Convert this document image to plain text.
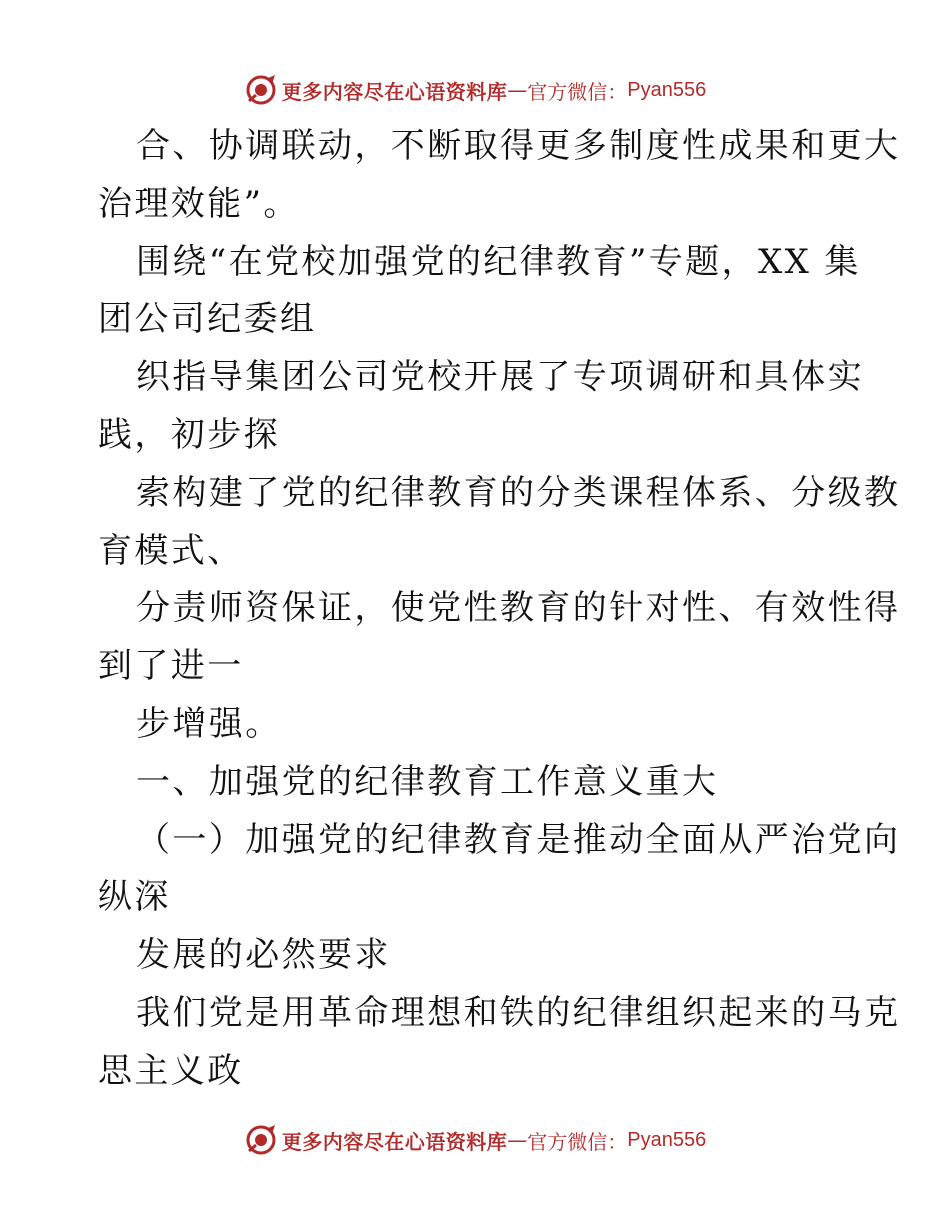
更多内容尽在心语资料库 — 官方微信： Pyan556
合、协调联动，不断取得更多制度性成果和更大
治理效能”。
围绕“在党校加强党的纪律教育”专题，XX 集
团公司纪委组
织指导集团公司党校开展了专项调研和具体实
践，初步探
索构建了党的纪律教育的分类课程体系、分级教
育模式、
分责师资保证，使党性教育的针对性、有效性得
到了进一
步增强。
一、加强党的纪律教育工作意义重大
（一）加强党的纪律教育是推动全面从严治党向
纵深
发展的必然要求
我们党是用革命理想和铁的纪律组织起来的马克
思主义政
更多内容尽在心语资料库 — 官方微信： Pyan556
